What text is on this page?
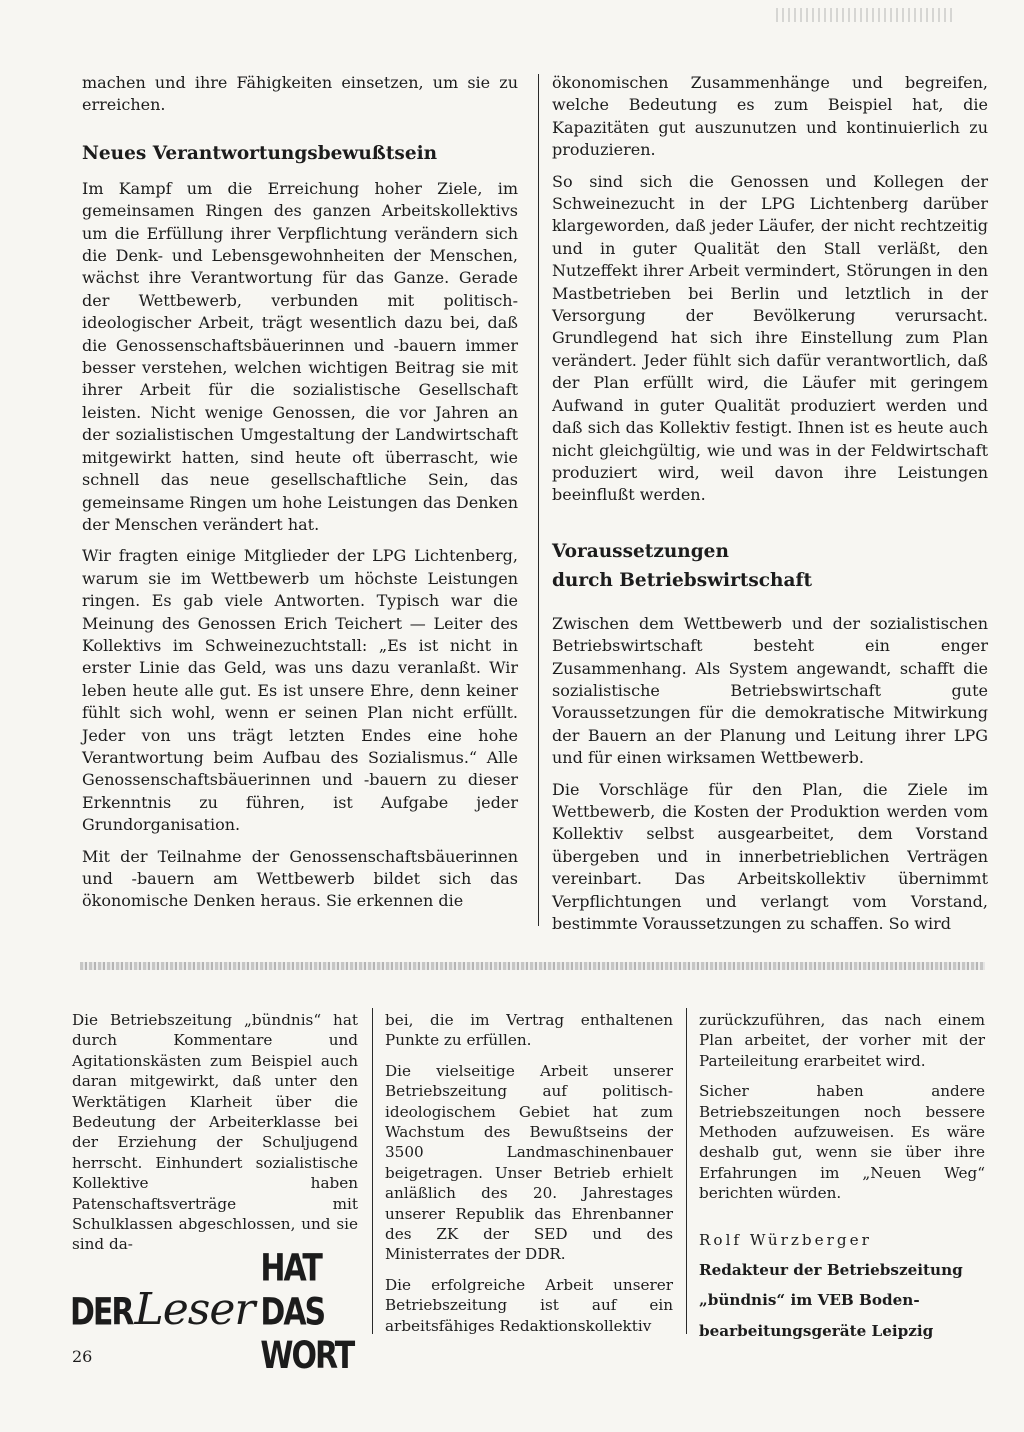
machen und ihre Fähigkeiten einsetzen, um sie zu erreichen.

Neues Verantwortungsbewußtsein

Im Kampf um die Erreichung hoher Ziele, im gemeinsamen Ringen des ganzen Arbeitskollektivs um die Erfüllung ihrer Verpflichtung verändern sich die Denk- und Lebensgewohnheiten der Menschen, wächst ihre Verantwortung für das Ganze. Gerade der Wettbewerb, verbunden mit politisch-ideologischer Arbeit, trägt wesentlich dazu bei, daß die Genossenschaftsbäuerinnen und -bauern immer besser verstehen, welchen wichtigen Beitrag sie mit ihrer Arbeit für die sozialistische Gesellschaft leisten. Nicht wenige Genossen, die vor Jahren an der sozialistischen Umgestaltung der Landwirtschaft mitgewirkt hatten, sind heute oft überrascht, wie schnell das neue gesellschaftliche Sein, das gemeinsame Ringen um hohe Leistungen das Denken der Menschen verändert hat.

Wir fragten einige Mitglieder der LPG Lichtenberg, warum sie im Wettbewerb um höchste Leistungen ringen. Es gab viele Antworten. Typisch war die Meinung des Genossen Erich Teichert — Leiter des Kollektivs im Schweinezuchtstall: „Es ist nicht in erster Linie das Geld, was uns dazu veranlaßt. Wir leben heute alle gut. Es ist unsere Ehre, denn keiner fühlt sich wohl, wenn er seinen Plan nicht erfüllt. Jeder von uns trägt letzten Endes eine hohe Verantwortung beim Aufbau des Sozialismus.“ Alle Genossenschaftsbäuerinnen und -bauern zu dieser Erkenntnis zu führen, ist Aufgabe jeder Grundorganisation.

Mit der Teilnahme der Genossenschaftsbäuerinnen und -bauern am Wettbewerb bildet sich das ökonomische Denken heraus. Sie erkennen die

ökonomischen Zusammenhänge und begreifen, welche Bedeutung es zum Beispiel hat, die Kapazitäten gut auszunutzen und kontinuierlich zu produzieren.

So sind sich die Genossen und Kollegen der Schweinezucht in der LPG Lichtenberg darüber klargeworden, daß jeder Läufer, der nicht rechtzeitig und in guter Qualität den Stall verläßt, den Nutzeffekt ihrer Arbeit vermindert, Störungen in den Mastbetrieben bei Berlin und letztlich in der Versorgung der Bevölkerung verursacht. Grundlegend hat sich ihre Einstellung zum Plan verändert. Jeder fühlt sich dafür verantwortlich, daß der Plan erfüllt wird, die Läufer mit geringem Aufwand in guter Qualität produziert werden und daß sich das Kollektiv festigt. Ihnen ist es heute auch nicht gleichgültig, wie und was in der Feldwirtschaft produziert wird, weil davon ihre Leistungen beeinflußt werden.

Voraussetzungen
durch Betriebswirtschaft

Zwischen dem Wettbewerb und der sozialistischen Betriebswirtschaft besteht ein enger Zusammenhang. Als System angewandt, schafft die sozialistische Betriebswirtschaft gute Voraussetzungen für die demokratische Mitwirkung der Bauern an der Planung und Leitung ihrer LPG und für einen wirksamen Wettbewerb.

Die Vorschläge für den Plan, die Ziele im Wettbewerb, die Kosten der Produktion werden vom Kollektiv selbst ausgearbeitet, dem Vorstand übergeben und in innerbetrieblichen Verträgen vereinbart. Das Arbeitskollektiv übernimmt Verpflichtungen und verlangt vom Vorstand, bestimmte Voraussetzungen zu schaffen. So wird

Die Betriebszeitung „bündnis“ hat durch Kommentare und Agitationskästen zum Beispiel auch daran mitgewirkt, daß unter den Werktätigen Klarheit über die Bedeutung der Arbeiterklasse bei der Erziehung der Schuljugend herrscht. Einhundert sozialistische Kollektive haben Patenschaftsverträge mit Schulklassen abgeschlossen, und sie sind da-

bei, die im Vertrag enthaltenen Punkte zu erfüllen.

Die vielseitige Arbeit unserer Betriebszeitung auf politisch-ideologischem Gebiet hat zum Wachstum des Bewußtseins der 3500 Landmaschinenbauer beigetragen. Unser Betrieb erhielt anläßlich des 20. Jahrestages unserer Republik das Ehrenbanner des ZK der SED und des Ministerrates der DDR.

Die erfolgreiche Arbeit unserer Betriebszeitung ist auf ein arbeitsfähiges Redaktionskollektiv

zurückzuführen, das nach einem Plan arbeitet, der vorher mit der Parteileitung erarbeitet wird.

Sicher haben andere Betriebszeitungen noch bessere Methoden aufzuweisen. Es wäre deshalb gut, wenn sie über ihre Erfahrungen im „Neuen Weg“ berichten würden.

Rolf Würzberger

Redakteur der Betriebszeitung

„bündnis“ im VEB Boden-

bearbeitungsgeräte Leipzig

DER Leser
HAT DAS WORT
26
